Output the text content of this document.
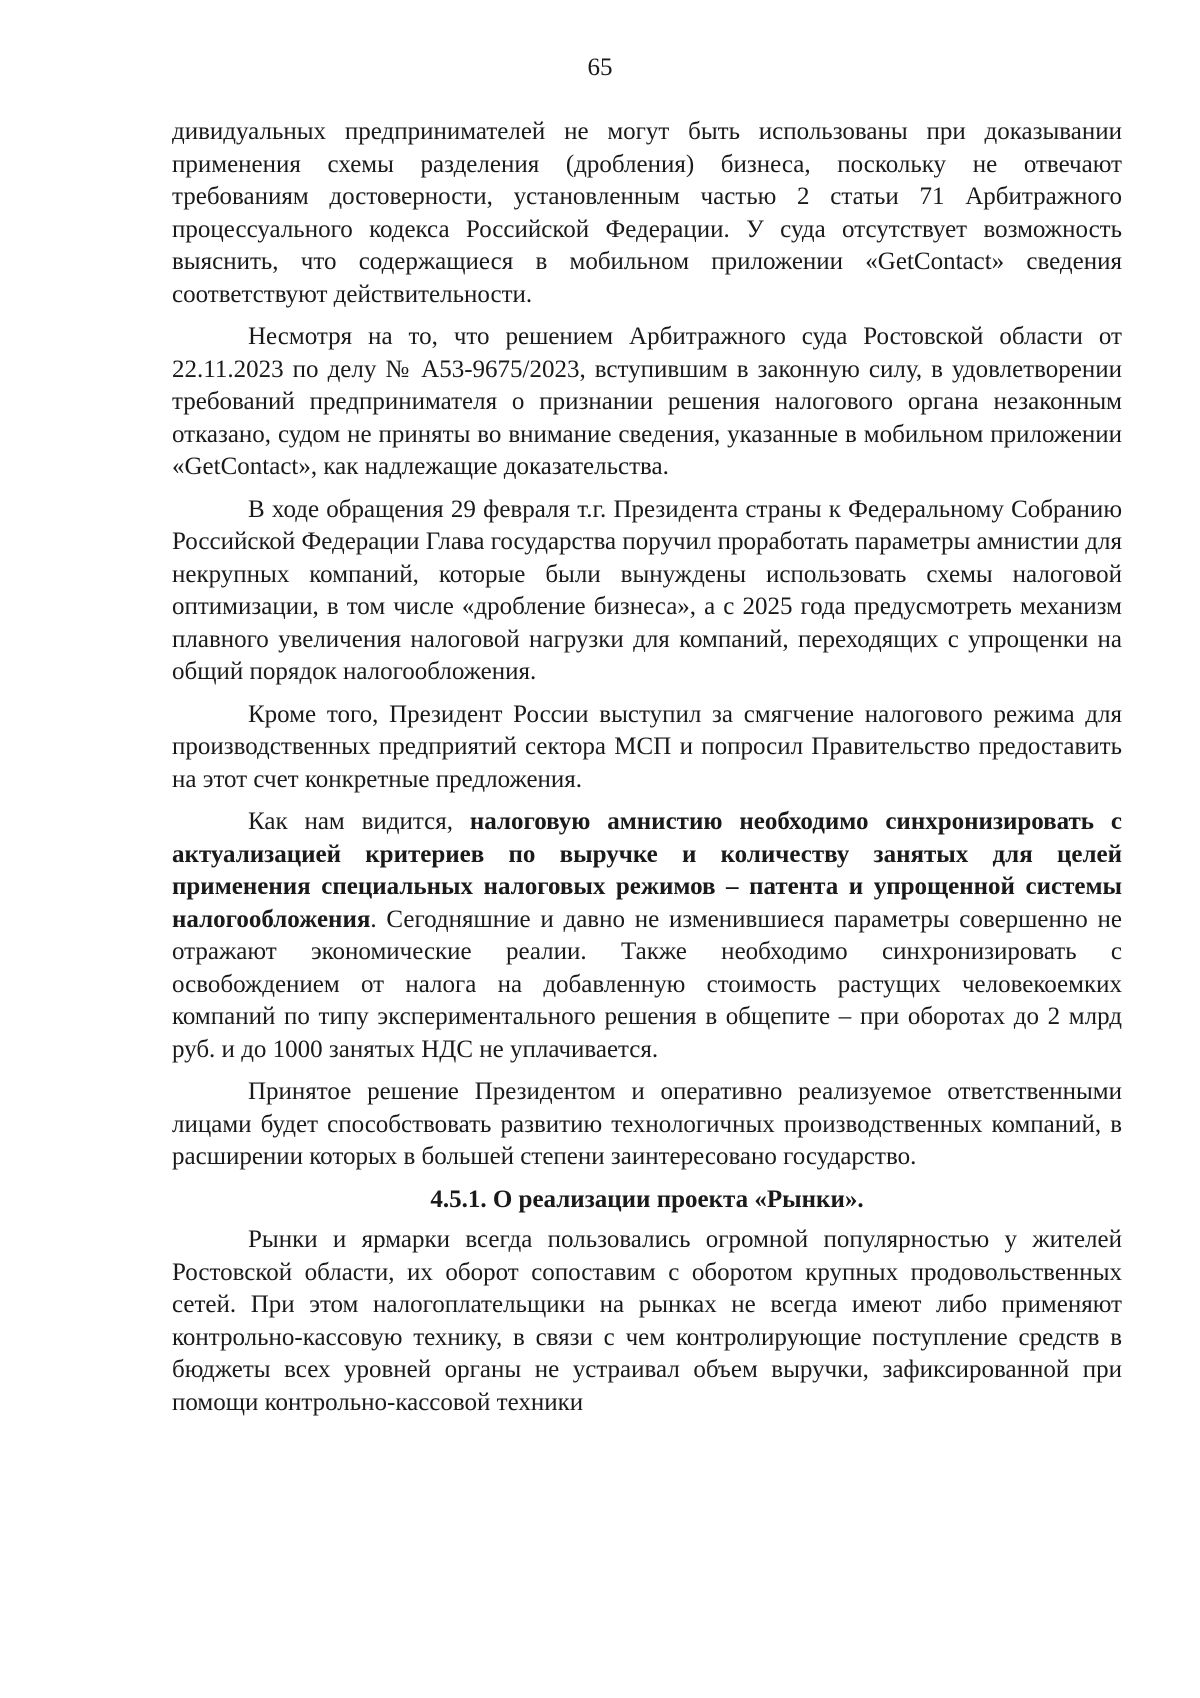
65

дивидуальных предпринимателей не могут быть использованы при доказывании применения схемы разделения (дробления) бизнеса, поскольку не отвечают требованиям достоверности, установленным частью 2 статьи 71 Арбитражного процессуального кодекса Российской Федерации. У суда отсутствует возможность выяснить, что содержащиеся в мобильном приложении «GetContact» сведения соответствуют действительности.

Несмотря на то, что решением Арбитражного суда Ростовской области от 22.11.2023 по делу № А53-9675/2023, вступившим в законную силу, в удовлетворении требований предпринимателя о признании решения налогового органа незаконным отказано, судом не приняты во внимание сведения, указанные в мобильном приложении «GetContact», как надлежащие доказательства.

В ходе обращения 29 февраля т.г. Президента страны к Федеральному Собранию Российской Федерации Глава государства поручил проработать параметры амнистии для некрупных компаний, которые были вынуждены использовать схемы налоговой оптимизации, в том числе «дробление бизнеса», а с 2025 года предусмотреть механизм плавного увеличения налоговой нагрузки для компаний, переходящих с упрощенки на общий порядок налогообложения.

Кроме того, Президент России выступил за смягчение налогового режима для производственных предприятий сектора МСП и попросил Правительство предоставить на этот счет конкретные предложения.

Как нам видится, налоговую амнистию необходимо синхронизировать с актуализацией критериев по выручке и количеству занятых для целей применения специальных налоговых режимов – патента и упрощенной системы налогообложения. Сегодняшние и давно не изменившиеся параметры совершенно не отражают экономические реалии. Также необходимо синхронизировать с освобождением от налога на добавленную стоимость растущих человекоемких компаний по типу экспериментального решения в общепите – при оборотах до 2 млрд руб. и до 1000 занятых НДС не уплачивается.

Принятое решение Президентом и оперативно реализуемое ответственными лицами будет способствовать развитию технологичных производственных компаний, в расширении которых в большей степени заинтересовано государство.

4.5.1. О реализации проекта «Рынки».

Рынки и ярмарки всегда пользовались огромной популярностью у жителей Ростовской области, их оборот сопоставим с оборотом крупных продовольственных сетей. При этом налогоплательщики на рынках не всегда имеют либо применяют контрольно-кассовую технику, в связи с чем контролирующие поступление средств в бюджеты всех уровней органы не устраивал объем выручки, зафиксированной при помощи контрольно-кассовой техники
